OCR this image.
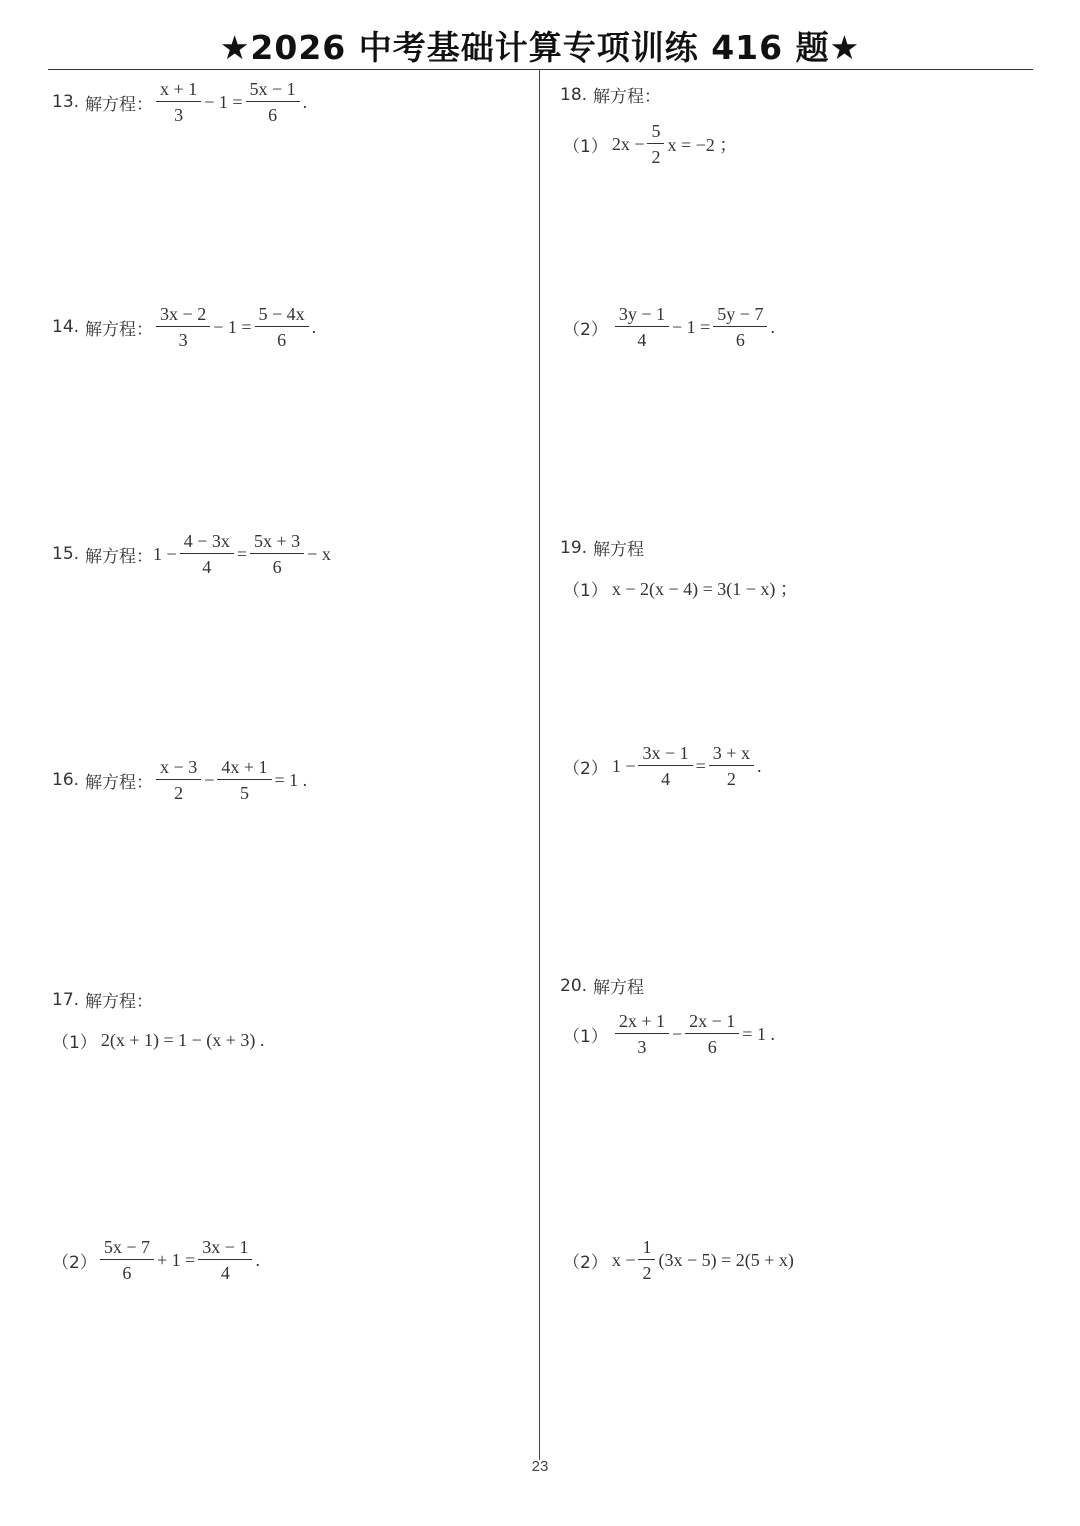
★2026 中考基础计算专项训练 416 题★
13. 解方程： $\frac{x + 1}{3} - 1 = \frac{5x - 1}{6}$ .
14. 解方程： $\frac{3x - 2}{3} - 1 = \frac{5 - 4x}{6}$ .
15. 解方程： $1 - \frac{4 - 3x}{4} = \frac{5x + 3}{6} - x$
16. 解方程： $\frac{x - 3}{2} - \frac{4x + 1}{5} = 1$ .
17. 解方程：
（1） 2(x + 1) = 1 − (x + 3) .
$(2) \frac{5x - 7}{6} + 1 = \frac{3x - 1}{4}$ .
18. 解方程：
（1） $2x - \frac{5}{2}$ x = −2 ；
$(2) \frac{3y - 1}{4} - 1 = \frac{5y - 7}{6}$ .
19. 解方程
（1） x − 2(x − 4) = 3(1 − x) ；
（2） $1 - \frac{3x - 1}{4} = \frac{3 + x}{2}$ .
20. 解方程
$(1) \frac{2x + 1}{3} - \frac{2x - 1}{6} = 1$ .
（2） $x - \frac{1}{2} (3x - 5) = 2(5 + x)$
23
